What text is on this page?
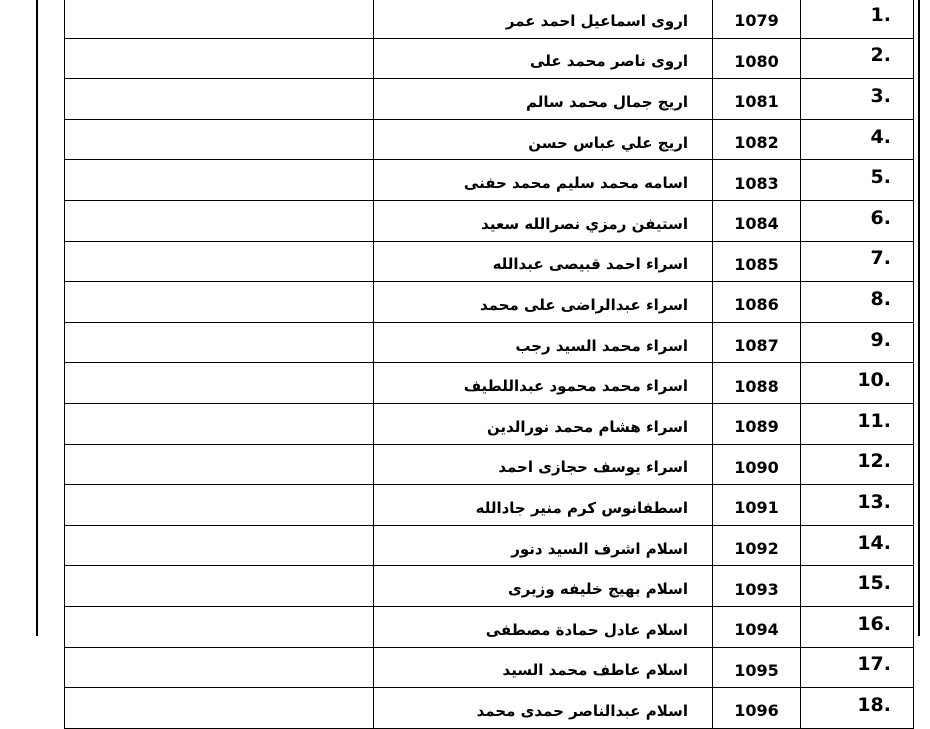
	اروى اسماعيل احمد عمر	1079	1.
	اروى ناصر محمد على	1080	2.
	اريج جمال محمد سالم	1081	3.
	اريج علي عباس حسن	1082	4.
	اسامه محمد سليم محمد حفنى	1083	5.
	استيفن رمزي نصرالله سعيد	1084	6.
	اسراء احمد قبيصى عبدالله	1085	7.
	اسراء عبدالراضى على محمد	1086	8.
	اسراء محمد السيد رجب	1087	9.
	اسراء محمد محمود عبداللطيف	1088	10.
	اسراء هشام محمد نورالدين	1089	11.
	اسراء يوسف حجازى احمد	1090	12.
	اسطفانوس كرم منير جادالله	1091	13.
	اسلام اشرف السيد دنور	1092	14.
	اسلام بهيج خليفه وزيرى	1093	15.
	اسلام عادل حمادة مصطفى	1094	16.
	اسلام عاطف محمد السيد	1095	17.
	اسلام عبدالناصر حمدى محمد	1096	18.
